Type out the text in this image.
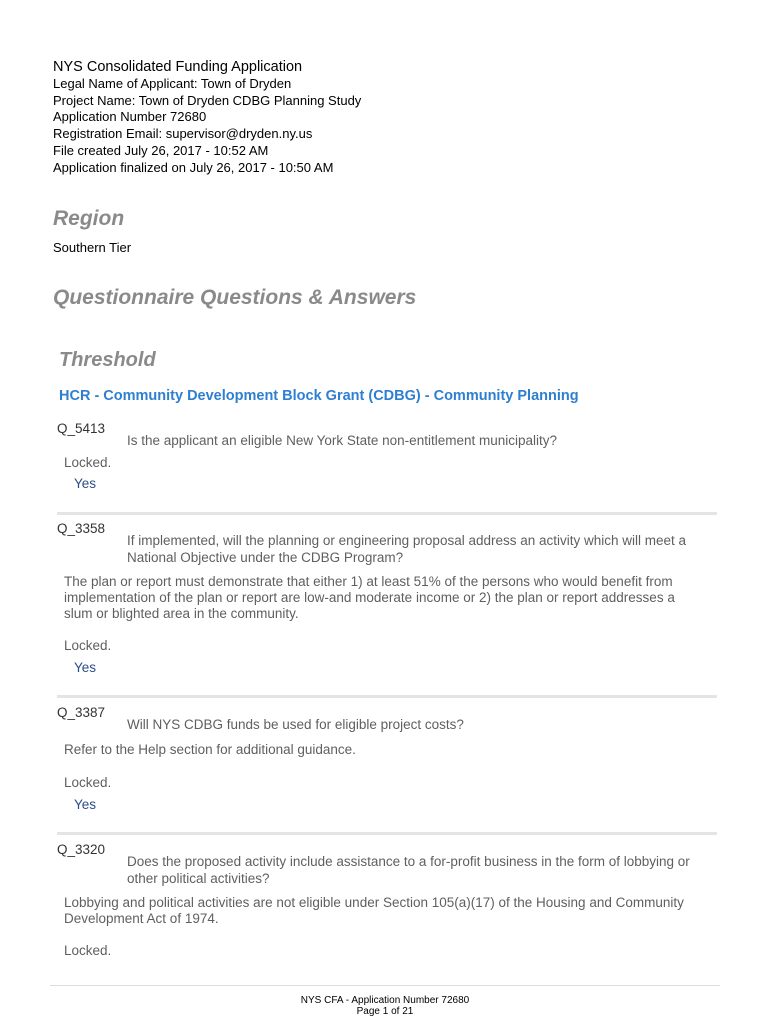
NYS Consolidated Funding Application
Legal Name of Applicant: Town of Dryden
Project Name: Town of Dryden CDBG Planning Study
Application Number 72680
Registration Email: supervisor@dryden.ny.us
File created July 26, 2017 - 10:52 AM
Application finalized on July 26, 2017 - 10:50 AM
Region
Southern Tier
Questionnaire Questions & Answers
Threshold
HCR - Community Development Block Grant (CDBG) - Community Planning
Q_5413
Is the applicant an eligible New York State non-entitlement municipality?
Locked.
Yes
Q_3358
If implemented, will the planning or engineering proposal address an activity which will meet a National Objective under the CDBG Program?
The plan or report must demonstrate that either 1) at least 51% of the persons who would benefit from implementation of the plan or report are low-and moderate income or 2) the plan or report addresses a slum or blighted area in the community.
Locked.
Yes
Q_3387
Will NYS CDBG funds be used for eligible project costs?
Refer to the Help section for additional guidance.
Locked.
Yes
Q_3320
Does the proposed activity include assistance to a for-profit business in the form of lobbying or other political activities?
Lobbying and political activities are not eligible under Section 105(a)(17) of the Housing and Community Development Act of 1974.
Locked.
NYS CFA - Application Number 72680
Page 1 of 21
